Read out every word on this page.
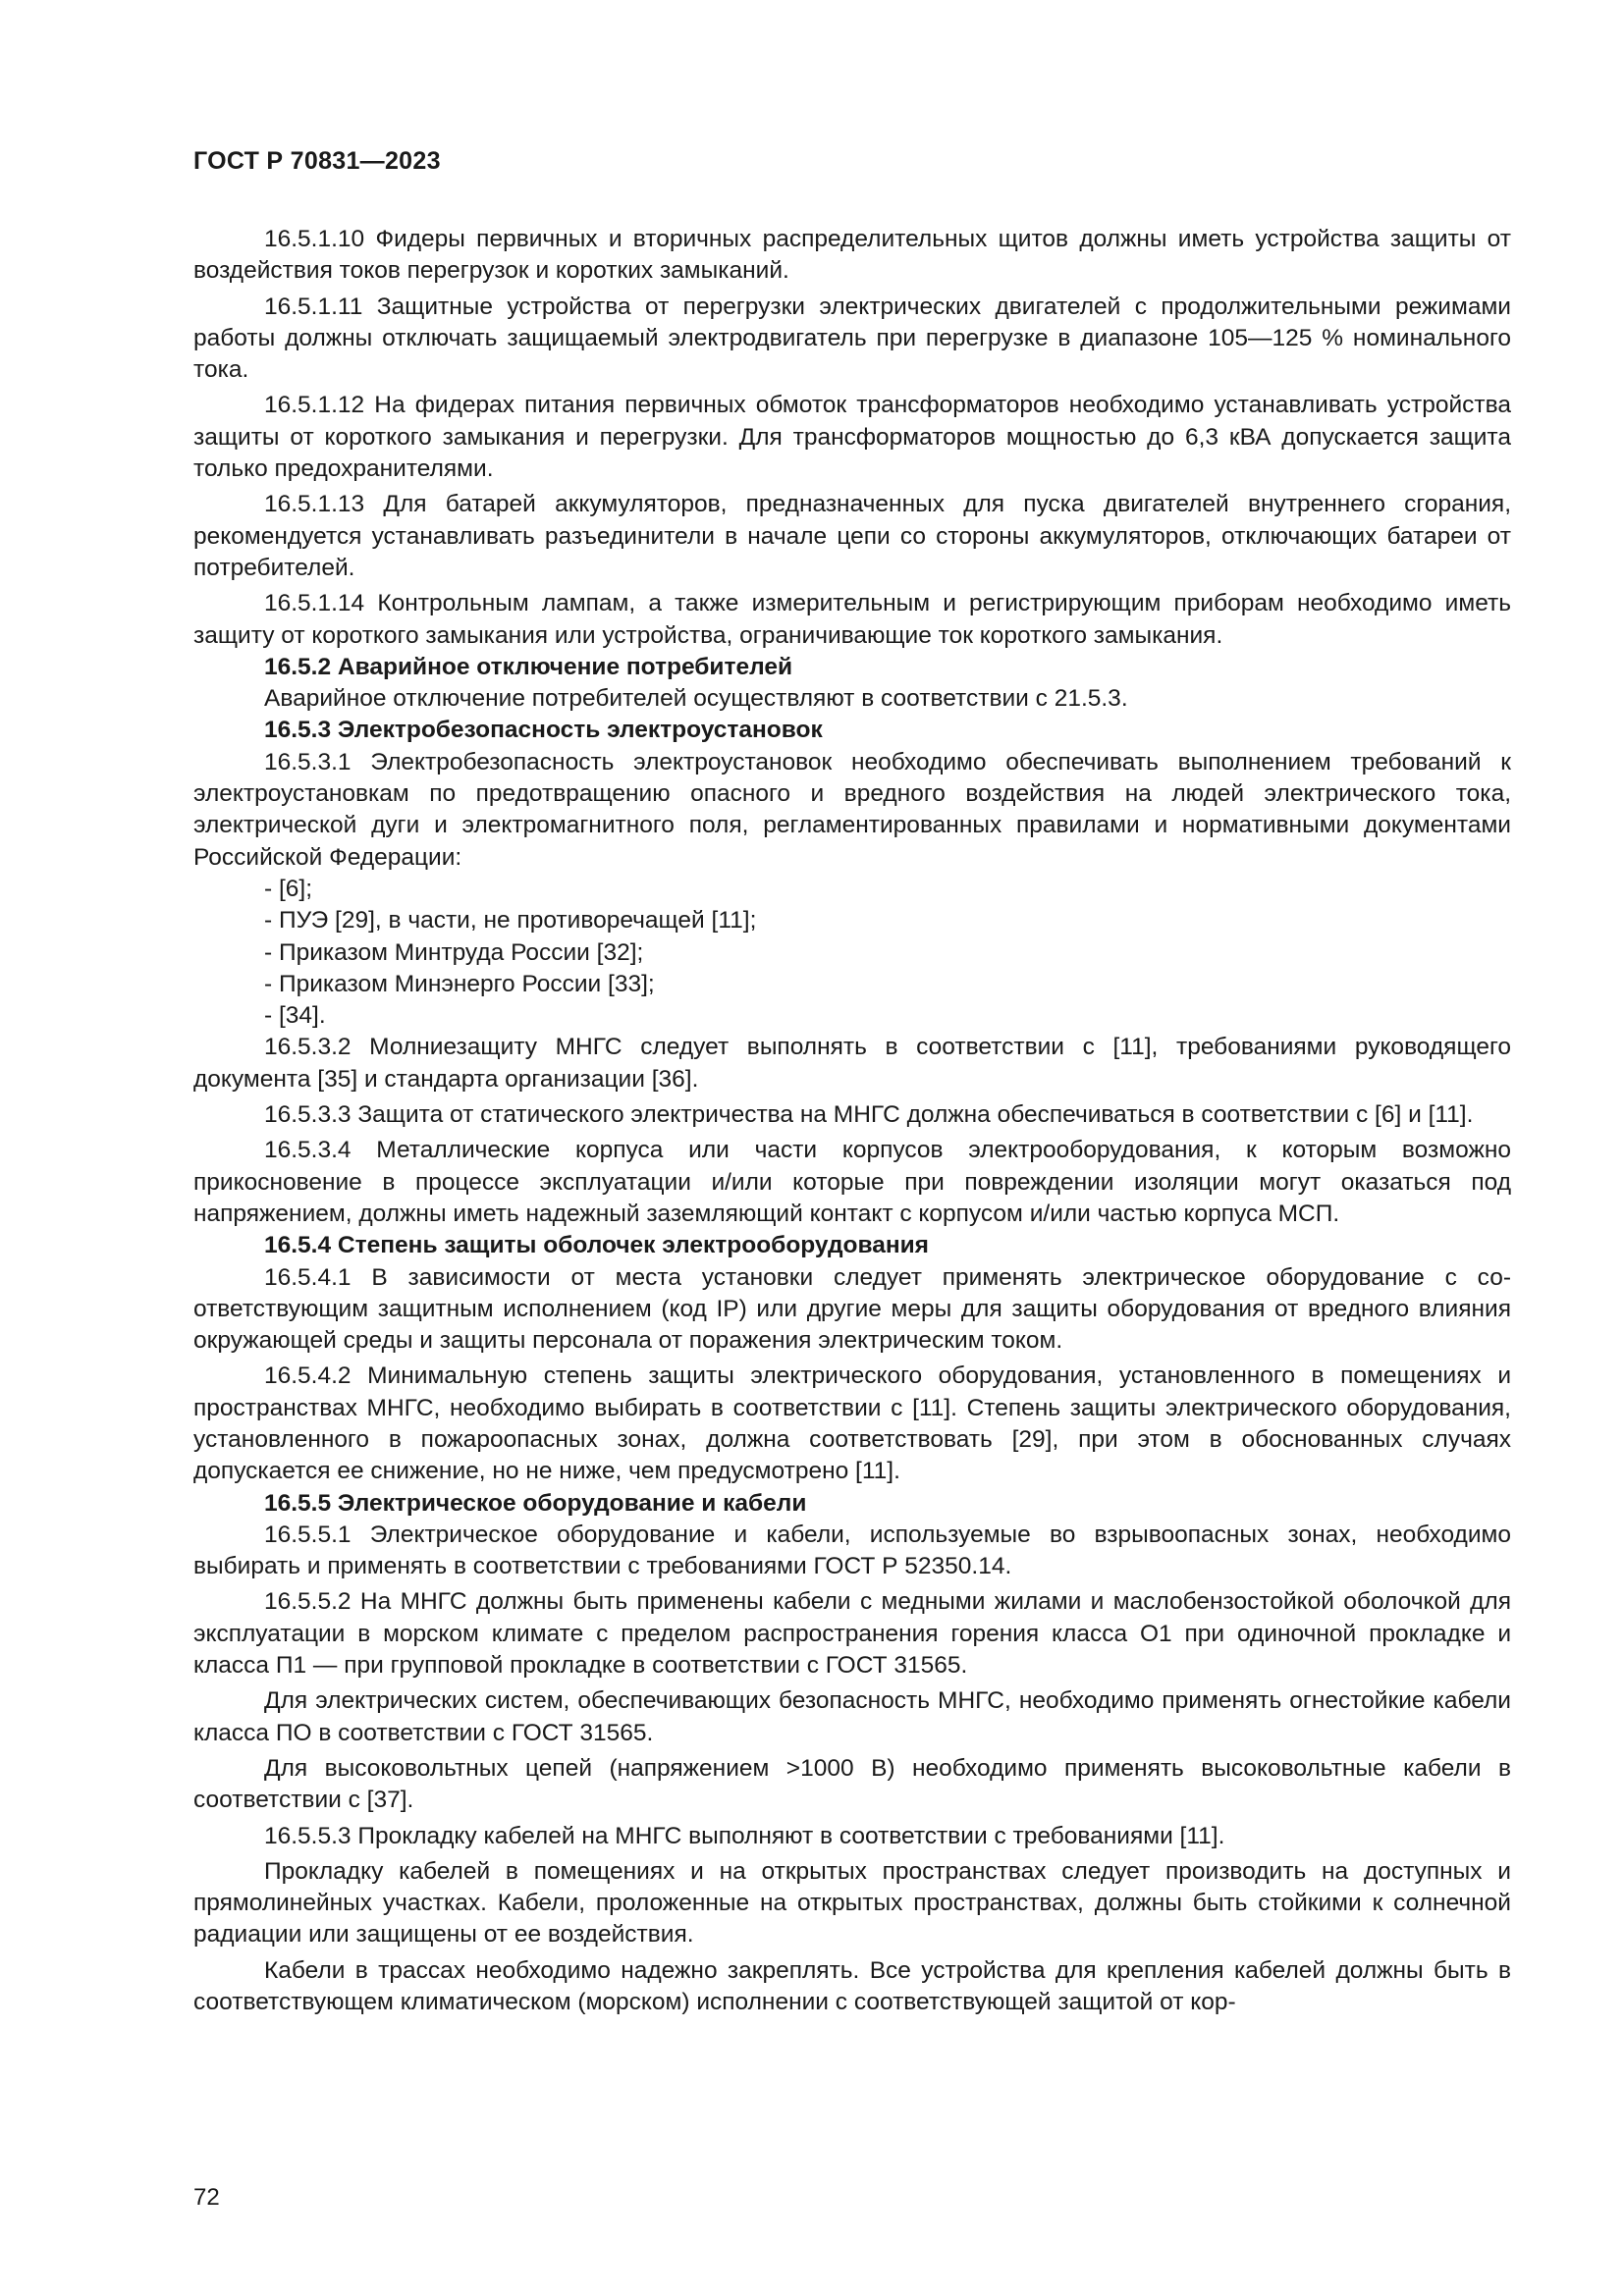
ГОСТ Р 70831—2023
16.5.1.10 Фидеры первичных и вторичных распределительных щитов должны иметь устройства защиты от воздействия токов перегрузок и коротких замыканий.
16.5.1.11 Защитные устройства от перегрузки электрических двигателей с продолжительными режимами работы должны отключать защищаемый электродвигатель при перегрузке в диапазоне 105—125 % номинального тока.
16.5.1.12 На фидерах питания первичных обмоток трансформаторов необходимо устанавливать устройства защиты от короткого замыкания и перегрузки. Для трансформаторов мощностью до 6,3 кВА допускается защита только предохранителями.
16.5.1.13 Для батарей аккумуляторов, предназначенных для пуска двигателей внутреннего сгорания, рекомендуется устанавливать разъединители в начале цепи со стороны аккумуляторов, отключающих батареи от потребителей.
16.5.1.14 Контрольным лампам, а также измерительным и регистрирующим приборам необходимо иметь защиту от короткого замыкания или устройства, ограничивающие ток короткого замыкания.
16.5.2 Аварийное отключение потребителей
Аварийное отключение потребителей осуществляют в соответствии с 21.5.3.
16.5.3 Электробезопасность электроустановок
16.5.3.1 Электробезопасность электроустановок необходимо обеспечивать выполнением требований к электроустановкам по предотвращению опасного и вредного воздействия на людей электрического тока, электрической дуги и электромагнитного поля, регламентированных правилами и нормативными документами Российской Федерации:
- [6];
- ПУЭ [29], в части, не противоречащей [11];
- Приказом Минтруда России [32];
- Приказом Минэнерго России [33];
- [34].
16.5.3.2 Молниезащиту МНГС следует выполнять в соответствии с [11], требованиями руководящего документа [35] и стандарта организации [36].
16.5.3.3 Защита от статического электричества на МНГС должна обеспечиваться в соответствии с [6] и [11].
16.5.3.4 Металлические корпуса или части корпусов электрооборудования, к которым возможно прикосновение в процессе эксплуатации и/или которые при повреждении изоляции могут оказаться под напряжением, должны иметь надежный заземляющий контакт с корпусом и/или частью корпуса МСП.
16.5.4 Степень защиты оболочек электрооборудования
16.5.4.1 В зависимости от места установки следует применять электрическое оборудование с соответствующим защитным исполнением (код IP) или другие меры для защиты оборудования от вредного влияния окружающей среды и защиты персонала от поражения электрическим током.
16.5.4.2 Минимальную степень защиты электрического оборудования, установленного в помещениях и пространствах МНГС, необходимо выбирать в соответствии с [11]. Степень защиты электрического оборудования, установленного в пожароопасных зонах, должна соответствовать [29], при этом в обоснованных случаях допускается ее снижение, но не ниже, чем предусмотрено [11].
16.5.5 Электрическое оборудование и кабели
16.5.5.1 Электрическое оборудование и кабели, используемые во взрывоопасных зонах, необходимо выбирать и применять в соответствии с требованиями ГОСТ Р 52350.14.
16.5.5.2 На МНГС должны быть применены кабели с медными жилами и маслобензостойкой оболочкой для эксплуатации в морском климате с пределом распространения горения класса О1 при одиночной прокладке и класса П1 — при групповой прокладке в соответствии с ГОСТ 31565.
Для электрических систем, обеспечивающих безопасность МНГС, необходимо применять огнестойкие кабели класса ПО в соответствии с ГОСТ 31565.
Для высоковольтных цепей (напряжением >1000 В) необходимо применять высоковольтные кабели в соответствии с [37].
16.5.5.3 Прокладку кабелей на МНГС выполняют в соответствии с требованиями [11].
Прокладку кабелей в помещениях и на открытых пространствах следует производить на доступных и прямолинейных участках. Кабели, проложенные на открытых пространствах, должны быть стойкими к солнечной радиации или защищены от ее воздействия.
Кабели в трассах необходимо надежно закреплять. Все устройства для крепления кабелей должны быть в соответствующем климатическом (морском) исполнении с соответствующей защитой от кор-
72
